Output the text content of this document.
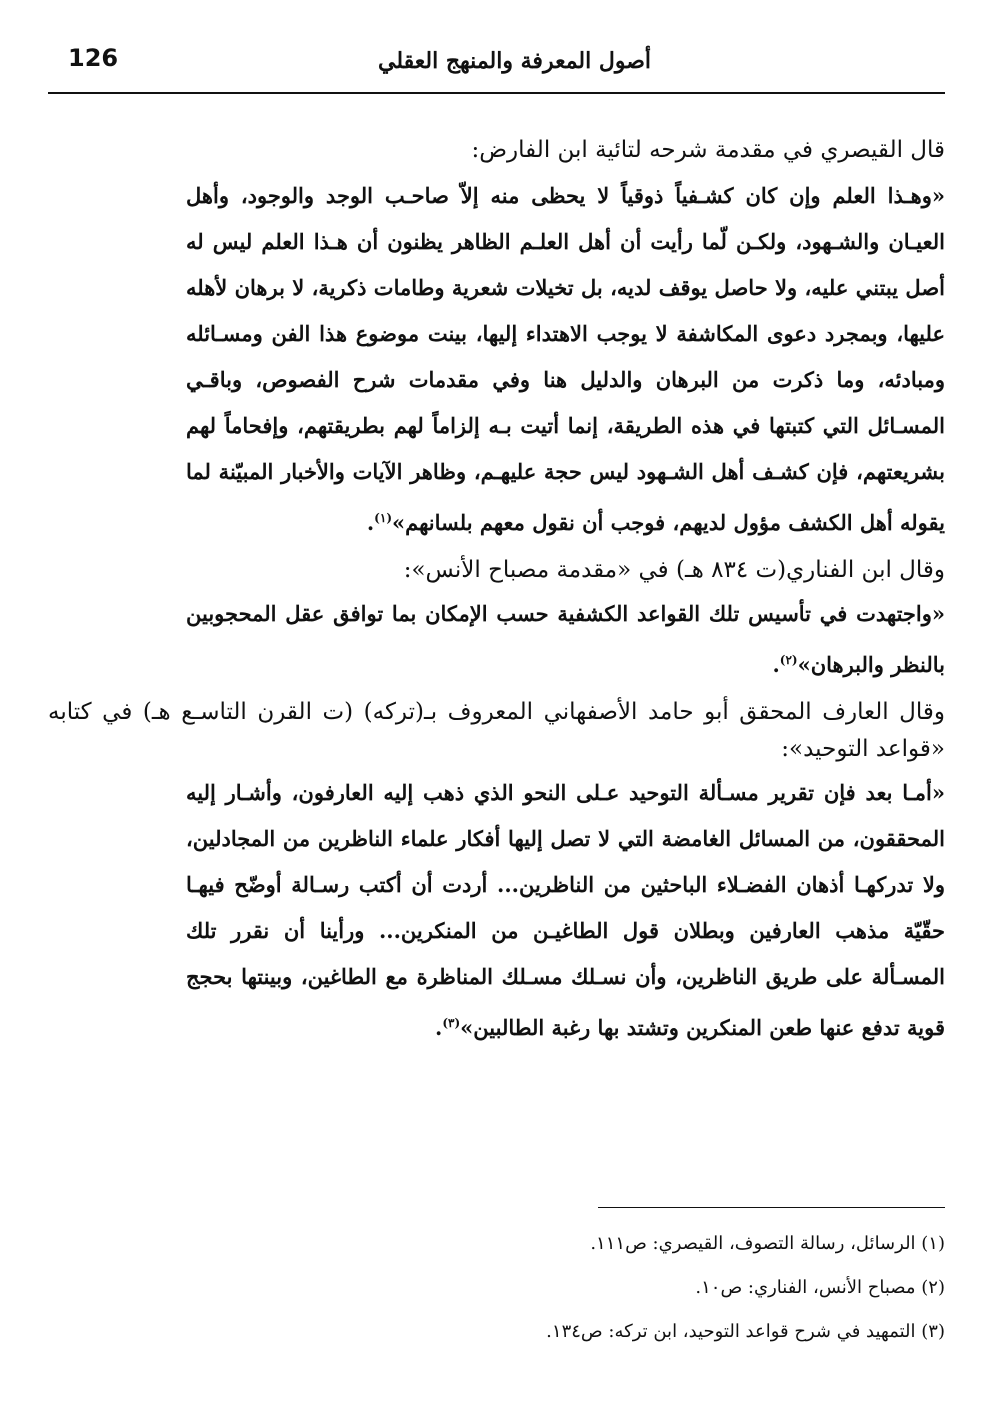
126	أصول المعرفة والمنهج العقلي

قال القيصري في مقدمة شرحه لتائية ابن الفارض:

«وهـذا العلم وإن كان كشـفياً ذوقياً لا يحظى منه إلاّ صاحـب الوجد والوجود، وأهل العيـان والشـهود، ولكـن لّما رأيت أن أهل العلـم الظاهر يظنون أن هـذا العلم ليس له أصل يبتني عليه، ولا حاصل يوقف لديه، بل تخيلات شعرية وطامات ذكرية، لا برهان لأهله عليها، وبمجرد دعوى المكاشفة لا يوجب الاهتداء إليها، بينت موضوع هذا الفن ومسـائله ومبادئه، وما ذكرت من البرهان والدليل هنا وفي مقدمات شرح الفصوص، وباقـي المسـائل التي كتبتها في هذه الطريقة، إنما أتيت بـه إلزاماً لهم بطريقتهم، وإفحاماً لهم بشريعتهم، فإن كشـف أهل الشـهود ليس حجة عليهـم، وظاهر الآيات والأخبار المبيّنة لما يقوله أهل الكشف مؤول لديهم، فوجب أن نقول معهم بلسانهم»$^{(١)}$.

وقال ابن الفناري(ت ٨٣٤ هـ) في «مقدمة مصباح الأنس»:

«واجتهدت في تأسيس تلك القواعد الكشفية حسب الإمكان بما توافق عقل المحجوبين بالنظر والبرهان»$^{(٢)}$.

وقال العارف المحقق أبو حامد الأصفهاني المعروف بـ(تركه) (ت القرن التاسـع هـ) في كتابه «قواعد التوحيد»:

«أمـا بعد فإن تقرير مسـألة التوحيد عـلى النحو الذي ذهب إليه العارفون، وأشـار إليه المحققون، من المسائل الغامضة التي لا تصل إليها أفكار علماء الناظرين من المجادلين، ولا تدركهـا أذهان الفضـلاء الباحثين من الناظرين... أردت أن أكتب رسـالة أوضّح فيهـا حقّيّة مذهب العارفين وبطلان قول الطاغيـن من المنكرين... ورأينا أن نقرر تلك المسـألة على طريق الناظرين، وأن نسـلك مسـلك المناظرة مع الطاغين، وبينتها بحجج قوية تدفع عنها طعن المنكرين وتشتد بها رغبة الطالبين»$^{(٣)}$.

(١) الرسائل، رسالة التصوف، القيصري: ص١١١.

(٢) مصباح الأنس، الفناري: ص١٠.

(٣) التمهيد في شرح قواعد التوحيد، ابن تركه: ص١٣٤.
